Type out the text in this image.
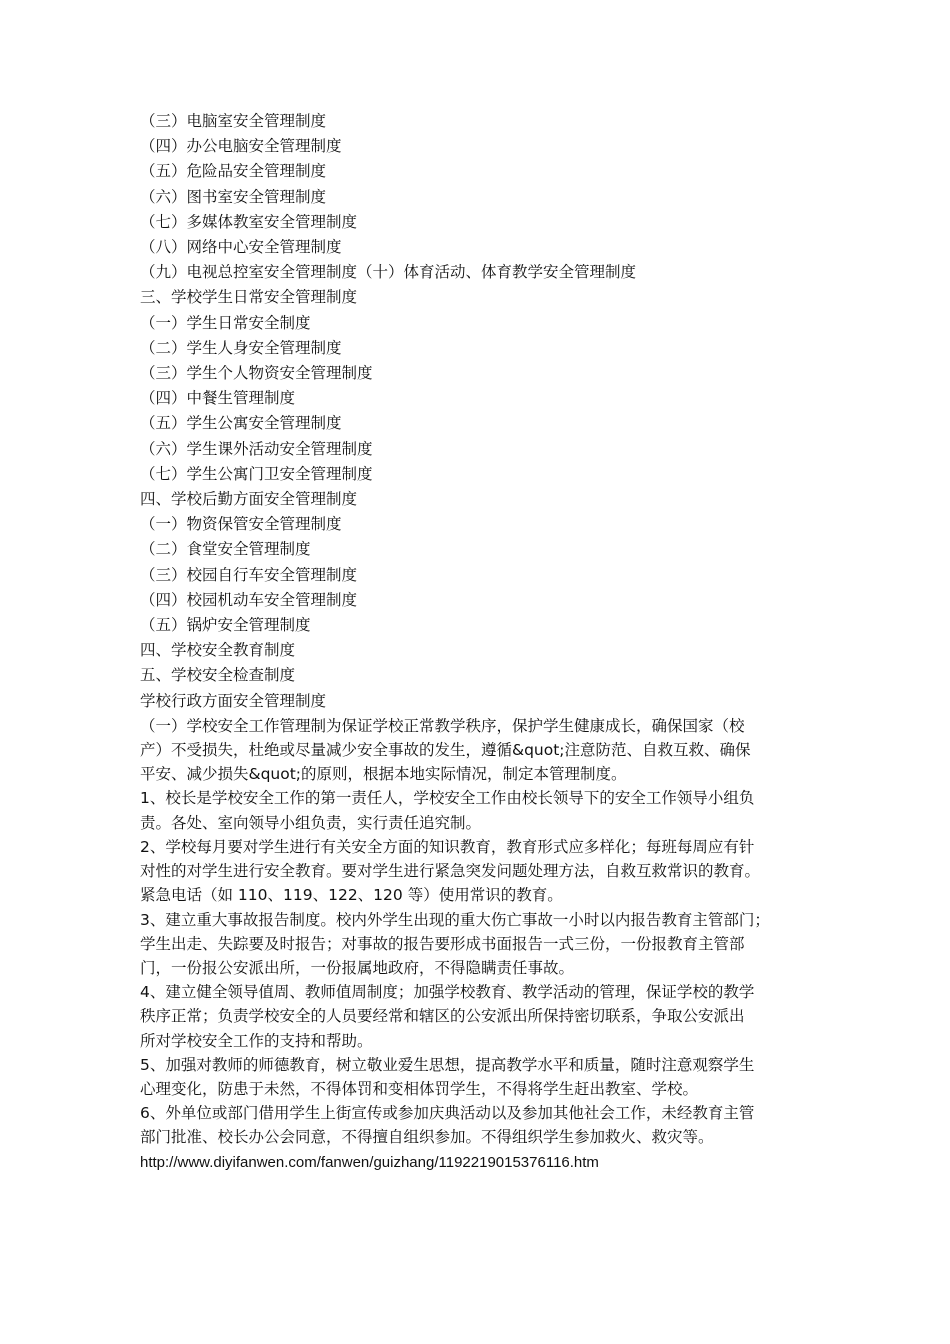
（三）电脑室安全管理制度
（四）办公电脑安全管理制度
（五）危险品安全管理制度
（六）图书室安全管理制度
（七）多媒体教室安全管理制度
（八）网络中心安全管理制度
（九）电视总控室安全管理制度（十）体育活动、体育教学安全管理制度
三、学校学生日常安全管理制度
（一）学生日常安全制度
（二）学生人身安全管理制度
（三）学生个人物资安全管理制度
（四）中餐生管理制度
（五）学生公寓安全管理制度
（六）学生课外活动安全管理制度
（七）学生公寓门卫安全管理制度
四、学校后勤方面安全管理制度
（一）物资保管安全管理制度
（二）食堂安全管理制度
（三）校园自行车安全管理制度
（四）校园机动车安全管理制度
（五）锅炉安全管理制度
四、学校安全教育制度
五、学校安全检查制度
学校行政方面安全管理制度
（一）学校安全工作管理制为保证学校正常教学秩序，保护学生健康成长，确保国家（校
产）不受损失，杜绝或尽量减少安全事故的发生，遵循&quot;注意防范、自救互救、确保
平安、减少损失&quot;的原则，根据本地实际情况，制定本管理制度。
1、校长是学校安全工作的第一责任人，学校安全工作由校长领导下的安全工作领导小组负
责。各处、室向领导小组负责，实行责任追究制。
2、学校每月要对学生进行有关安全方面的知识教育，教育形式应多样化；每班每周应有针
对性的对学生进行安全教育。要对学生进行紧急突发问题处理方法，自救互救常识的教育。
紧急电话（如 110、119、122、120 等）使用常识的教育。
3、建立重大事故报告制度。校内外学生出现的重大伤亡事故一小时以内报告教育主管部门；
学生出走、失踪要及时报告；对事故的报告要形成书面报告一式三份，一份报教育主管部
门，一份报公安派出所，一份报属地政府，不得隐瞒责任事故。
4、建立健全领导值周、教师值周制度；加强学校教育、教学活动的管理，保证学校的教学
秩序正常；负责学校安全的人员要经常和辖区的公安派出所保持密切联系，争取公安派出
所对学校安全工作的支持和帮助。
5、加强对教师的师德教育，树立敬业爱生思想，提高教学水平和质量，随时注意观察学生
心理变化，防患于未然，不得体罚和变相体罚学生，不得将学生赶出教室、学校。
6、外单位或部门借用学生上街宣传或参加庆典活动以及参加其他社会工作，未经教育主管
部门批准、校长办公会同意，不得擅自组织参加。不得组织学生参加救火、救灾等。
http://www.diyifanwen.com/fanwen/guizhang/1192219015376116.htm
